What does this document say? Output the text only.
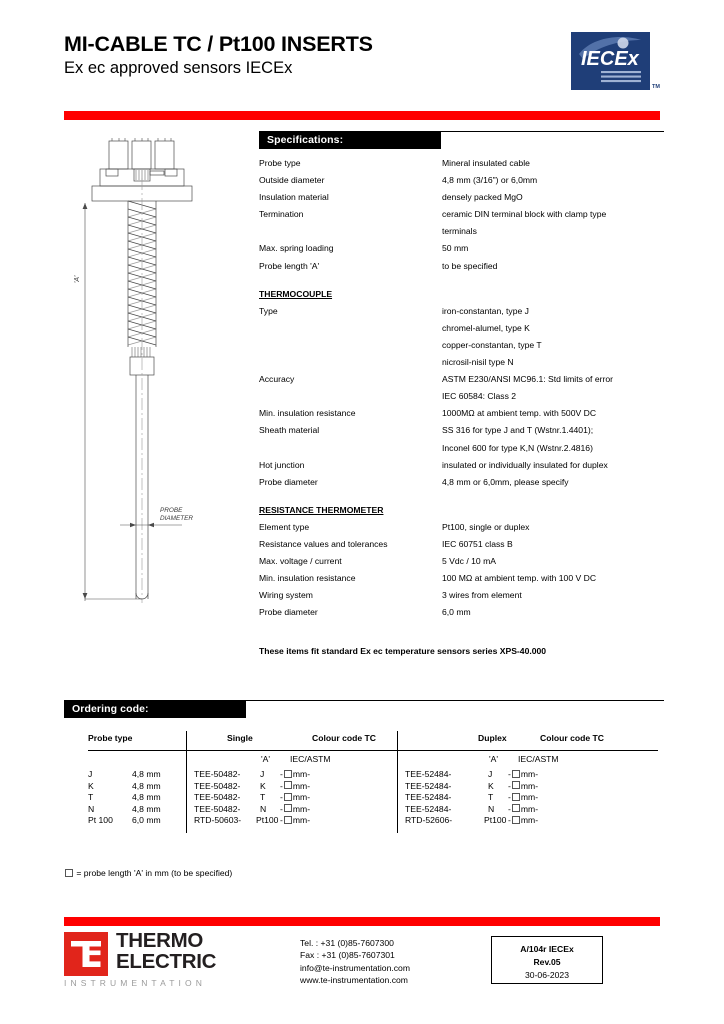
MI-CABLE TC / Pt100 INSERTS
Ex ec approved sensors IECEx	IECEx
TM
'A'
PROBE
DIAMETER
Specifications:
Probe type	Mineral insulated cable
Outside diameter	4,8 mm (3/16") or 6,0mm
Insulation material	densely packed MgO
Termination	ceramic DIN terminal block with clamp type
terminals
Max. spring loading	50 mm
Probe length 'A'	to be specified
THERMOCOUPLE
Type	iron-constantan, type J
chromel-alumel, type K
copper-constantan, type T
nicrosil-nisil type N
Accuracy	ASTM E230/ANSI MC96.1: Std limits of error
IEC 60584: Class 2
Min. insulation resistance	1000MΩ at ambient temp. with 500V DC
Sheath material	SS 316 for type J and T (Wstnr.1.4401);
Inconel 600 for type K,N (Wstnr.2.4816)
Hot junction	insulated or individually insulated for duplex
Probe diameter	4,8 mm or 6,0mm, please specify
RESISTANCE THERMOMETER
Element type	Pt100, single or duplex
Resistance values and tolerances	IEC 60751 class B
Max. voltage / current	5 Vdc / 10 mA
Min. insulation resistance	100 MΩ at ambient temp. with 100 V DC
Wiring system	3 wires from element
Probe diameter	6,0 mm
These items fit standard Ex ec temperature sensors series XPS-40.000
Ordering code:
Probe type	Single	Colour code TC	Duplex	Colour code TC
'A' IEC/ASTM	'A' IEC/ASTM
J	4,8 mm	TEE-50482- J - mm-	TEE-52484-	J - mm-
K	4,8 mm	TEE-50482- K - mm-	TEE-52484-	K - mm-
T	4,8 mm	TEE-50482- T - mm-	TEE-52484-	T - mm-
N	4,8 mm	TEE-50482- N - mm-	TEE-52484-	N - mm-
Pt 100 6,0 mm	RTD-50603- Pt100 - mm-	RTD-52606-	Pt100 - mm-
= probe length 'A' in mm (to be specified)
THERMO
ELECTRIC
INSTRUMENTATION
Tel. : +31 (0)85-7607300
Fax : +31 (0)85-7607301
info@te-instrumentation.com
www.te-instrumentation.com
A/104r IECEx
Rev.05
30-06-2023
